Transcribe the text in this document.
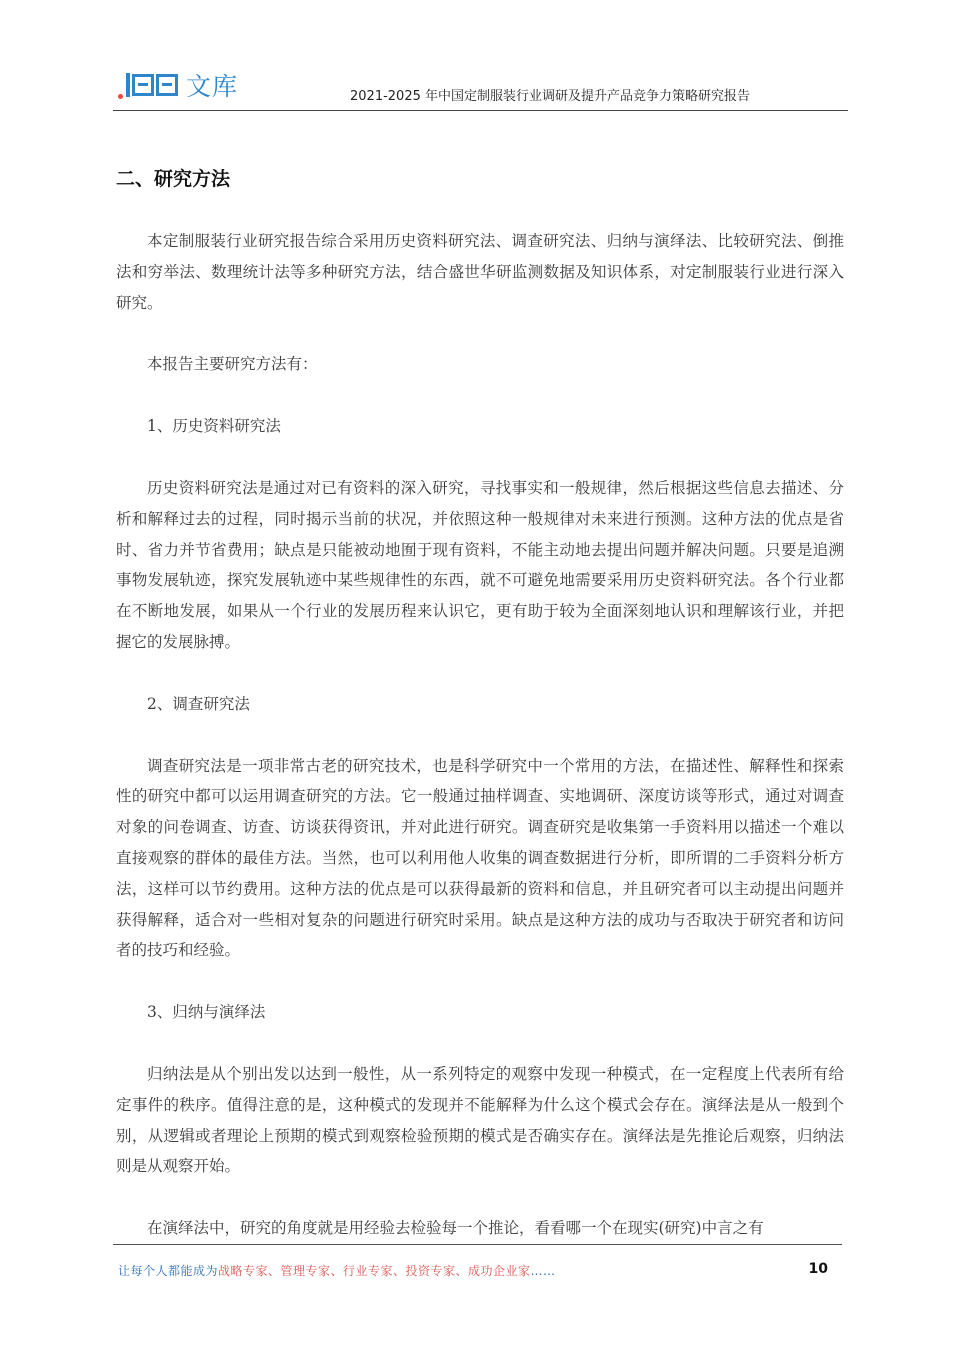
文库	2021-2025 年中国定制服装行业调研及提升产品竞争力策略研究报告
二、研究方法

本定制服装行业研究报告综合采用历史资料研究法、调查研究法、归纳与演绎法、比较研究法、倒推法和穷举法、数理统计法等多种研究方法，结合盛世华研监测数据及知识体系，对定制服装行业进行深入研究。

本报告主要研究方法有：

1、历史资料研究法

历史资料研究法是通过对已有资料的深入研究，寻找事实和一般规律，然后根据这些信息去描述、分析和解释过去的过程，同时揭示当前的状况，并依照这种一般规律对未来进行预测。这种方法的优点是省时、省力并节省费用；缺点是只能被动地囿于现有资料，不能主动地去提出问题并解决问题。只要是追溯事物发展轨迹，探究发展轨迹中某些规律性的东西，就不可避免地需要采用历史资料研究法。各个行业都在不断地发展，如果从一个行业的发展历程来认识它，更有助于较为全面深刻地认识和理解该行业，并把握它的发展脉搏。

2、调查研究法

调查研究法是一项非常古老的研究技术，也是科学研究中一个常用的方法，在描述性、解释性和探索性的研究中都可以运用调查研究的方法。它一般通过抽样调查、实地调研、深度访谈等形式，通过对调查对象的问卷调查、访查、访谈获得资讯，并对此进行研究。调查研究是收集第一手资料用以描述一个难以直接观察的群体的最佳方法。当然，也可以利用他人收集的调查数据进行分析，即所谓的二手资料分析方法，这样可以节约费用。这种方法的优点是可以获得最新的资料和信息，并且研究者可以主动提出问题并获得解释，适合对一些相对复杂的问题进行研究时采用。缺点是这种方法的成功与否取决于研究者和访问者的技巧和经验。

3、归纳与演绎法

归纳法是从个别出发以达到一般性，从一系列特定的观察中发现一种模式，在一定程度上代表所有给定事件的秩序。值得注意的是，这种模式的发现并不能解释为什么这个模式会存在。演绎法是从一般到个别，从逻辑或者理论上预期的模式到观察检验预期的模式是否确实存在。演绎法是先推论后观察，归纳法则是从观察开始。

在演绎法中，研究的角度就是用经验去检验每一个推论，看看哪一个在现实(研究)中言之有

让每个人都能成为战略专家、管理专家、行业专家、投资专家、成功企业家……	10
